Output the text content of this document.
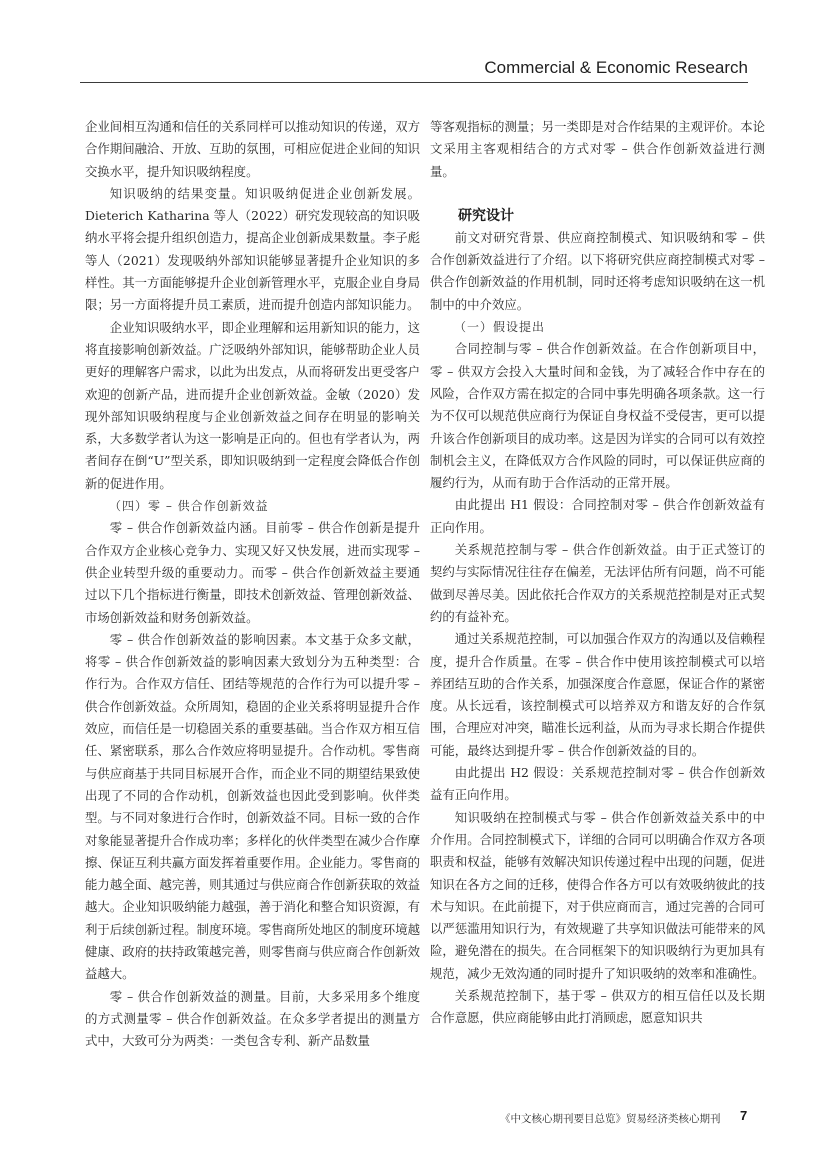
Commercial & Economic Research

企业间相互沟通和信任的关系同样可以推动知识的传递，双方合作期间融洽、开放、互助的氛围，可相应促进企业间的知识交换水平，提升知识吸纳程度。

知识吸纳的结果变量。知识吸纳促进企业创新发展。Dieterich Katharina 等人（2022）研究发现较高的知识吸纳水平将会提升组织创造力，提高企业创新成果数量。李子彪等人（2021）发现吸纳外部知识能够显著提升企业知识的多样性。其一方面能够提升企业创新管理水平，克服企业自身局限；另一方面将提升员工素质，进而提升创造内部知识能力。

企业知识吸纳水平，即企业理解和运用新知识的能力，这将直接影响创新效益。广泛吸纳外部知识，能够帮助企业人员更好的理解客户需求，以此为出发点，从而将研发出更受客户欢迎的创新产品，进而提升企业创新效益。金敏（2020）发现外部知识吸纳程度与企业创新效益之间存在明显的影响关系，大多数学者认为这一影响是正向的。但也有学者认为，两者间存在倒“U”型关系，即知识吸纳到一定程度会降低合作创新的促进作用。

（四）零 – 供合作创新效益

零 – 供合作创新效益内涵。目前零 – 供合作创新是提升合作双方企业核心竞争力、实现又好又快发展，进而实现零 – 供企业转型升级的重要动力。而零 – 供合作创新效益主要通过以下几个指标进行衡量，即技术创新效益、管理创新效益、市场创新效益和财务创新效益。

零 – 供合作创新效益的影响因素。本文基于众多文献，将零 – 供合作创新效益的影响因素大致划分为五种类型：合作行为。合作双方信任、团结等规范的合作行为可以提升零 – 供合作创新效益。众所周知，稳固的企业关系将明显提升合作效应，而信任是一切稳固关系的重要基础。当合作双方相互信任、紧密联系，那么合作效应将明显提升。合作动机。零售商与供应商基于共同目标展开合作，而企业不同的期望结果致使出现了不同的合作动机，创新效益也因此受到影响。伙伴类型。与不同对象进行合作时，创新效益不同。目标一致的合作对象能显著提升合作成功率；多样化的伙伴类型在减少合作摩擦、保证互利共赢方面发挥着重要作用。企业能力。零售商的能力越全面、越完善，则其通过与供应商合作创新获取的效益越大。企业知识吸纳能力越强，善于消化和整合知识资源，有利于后续创新过程。制度环境。零售商所处地区的制度环境越健康、政府的扶持政策越完善，则零售商与供应商合作创新效益越大。

零 – 供合作创新效益的测量。目前，大多采用多个维度的方式测量零 – 供合作创新效益。在众多学者提出的测量方式中，大致可分为两类：一类包含专利、新产品数量

等客观指标的测量；另一类即是对合作结果的主观评价。本论文采用主客观相结合的方式对零 – 供合作创新效益进行测量。

研究设计

前文对研究背景、供应商控制模式、知识吸纳和零 – 供合作创新效益进行了介绍。以下将研究供应商控制模式对零 – 供合作创新效益的作用机制，同时还将考虑知识吸纳在这一机制中的中介效应。

（一）假设提出

合同控制与零 – 供合作创新效益。在合作创新项目中，零 – 供双方会投入大量时间和金钱，为了减轻合作中存在的风险，合作双方需在拟定的合同中事先明确各项条款。这一行为不仅可以规范供应商行为保证自身权益不受侵害，更可以提升该合作创新项目的成功率。这是因为详实的合同可以有效控制机会主义，在降低双方合作风险的同时，可以保证供应商的履约行为，从而有助于合作活动的正常开展。

由此提出 H1 假设：合同控制对零 – 供合作创新效益有正向作用。

关系规范控制与零 – 供合作创新效益。由于正式签订的契约与实际情况往往存在偏差，无法评估所有问题，尚不可能做到尽善尽美。因此依托合作双方的关系规范控制是对正式契约的有益补充。

通过关系规范控制，可以加强合作双方的沟通以及信赖程度，提升合作质量。在零 – 供合作中使用该控制模式可以培养团结互助的合作关系，加强深度合作意愿，保证合作的紧密度。从长远看，该控制模式可以培养双方和谐友好的合作氛围，合理应对冲突，瞄准长远利益，从而为寻求长期合作提供可能，最终达到提升零 – 供合作创新效益的目的。

由此提出 H2 假设：关系规范控制对零 – 供合作创新效益有正向作用。

知识吸纳在控制模式与零 – 供合作创新效益关系中的中介作用。合同控制模式下，详细的合同可以明确合作双方各项职责和权益，能够有效解决知识传递过程中出现的问题，促进知识在各方之间的迁移，使得合作各方可以有效吸纳彼此的技术与知识。在此前提下，对于供应商而言，通过完善的合同可以严惩滥用知识行为，有效规避了共享知识做法可能带来的风险，避免潜在的损失。在合同框架下的知识吸纳行为更加具有规范，减少无效沟通的同时提升了知识吸纳的效率和准确性。

关系规范控制下，基于零 – 供双方的相互信任以及长期合作意愿，供应商能够由此打消顾虑，愿意知识共

《中文核心期刊要目总览》贸易经济类核心期刊 7
